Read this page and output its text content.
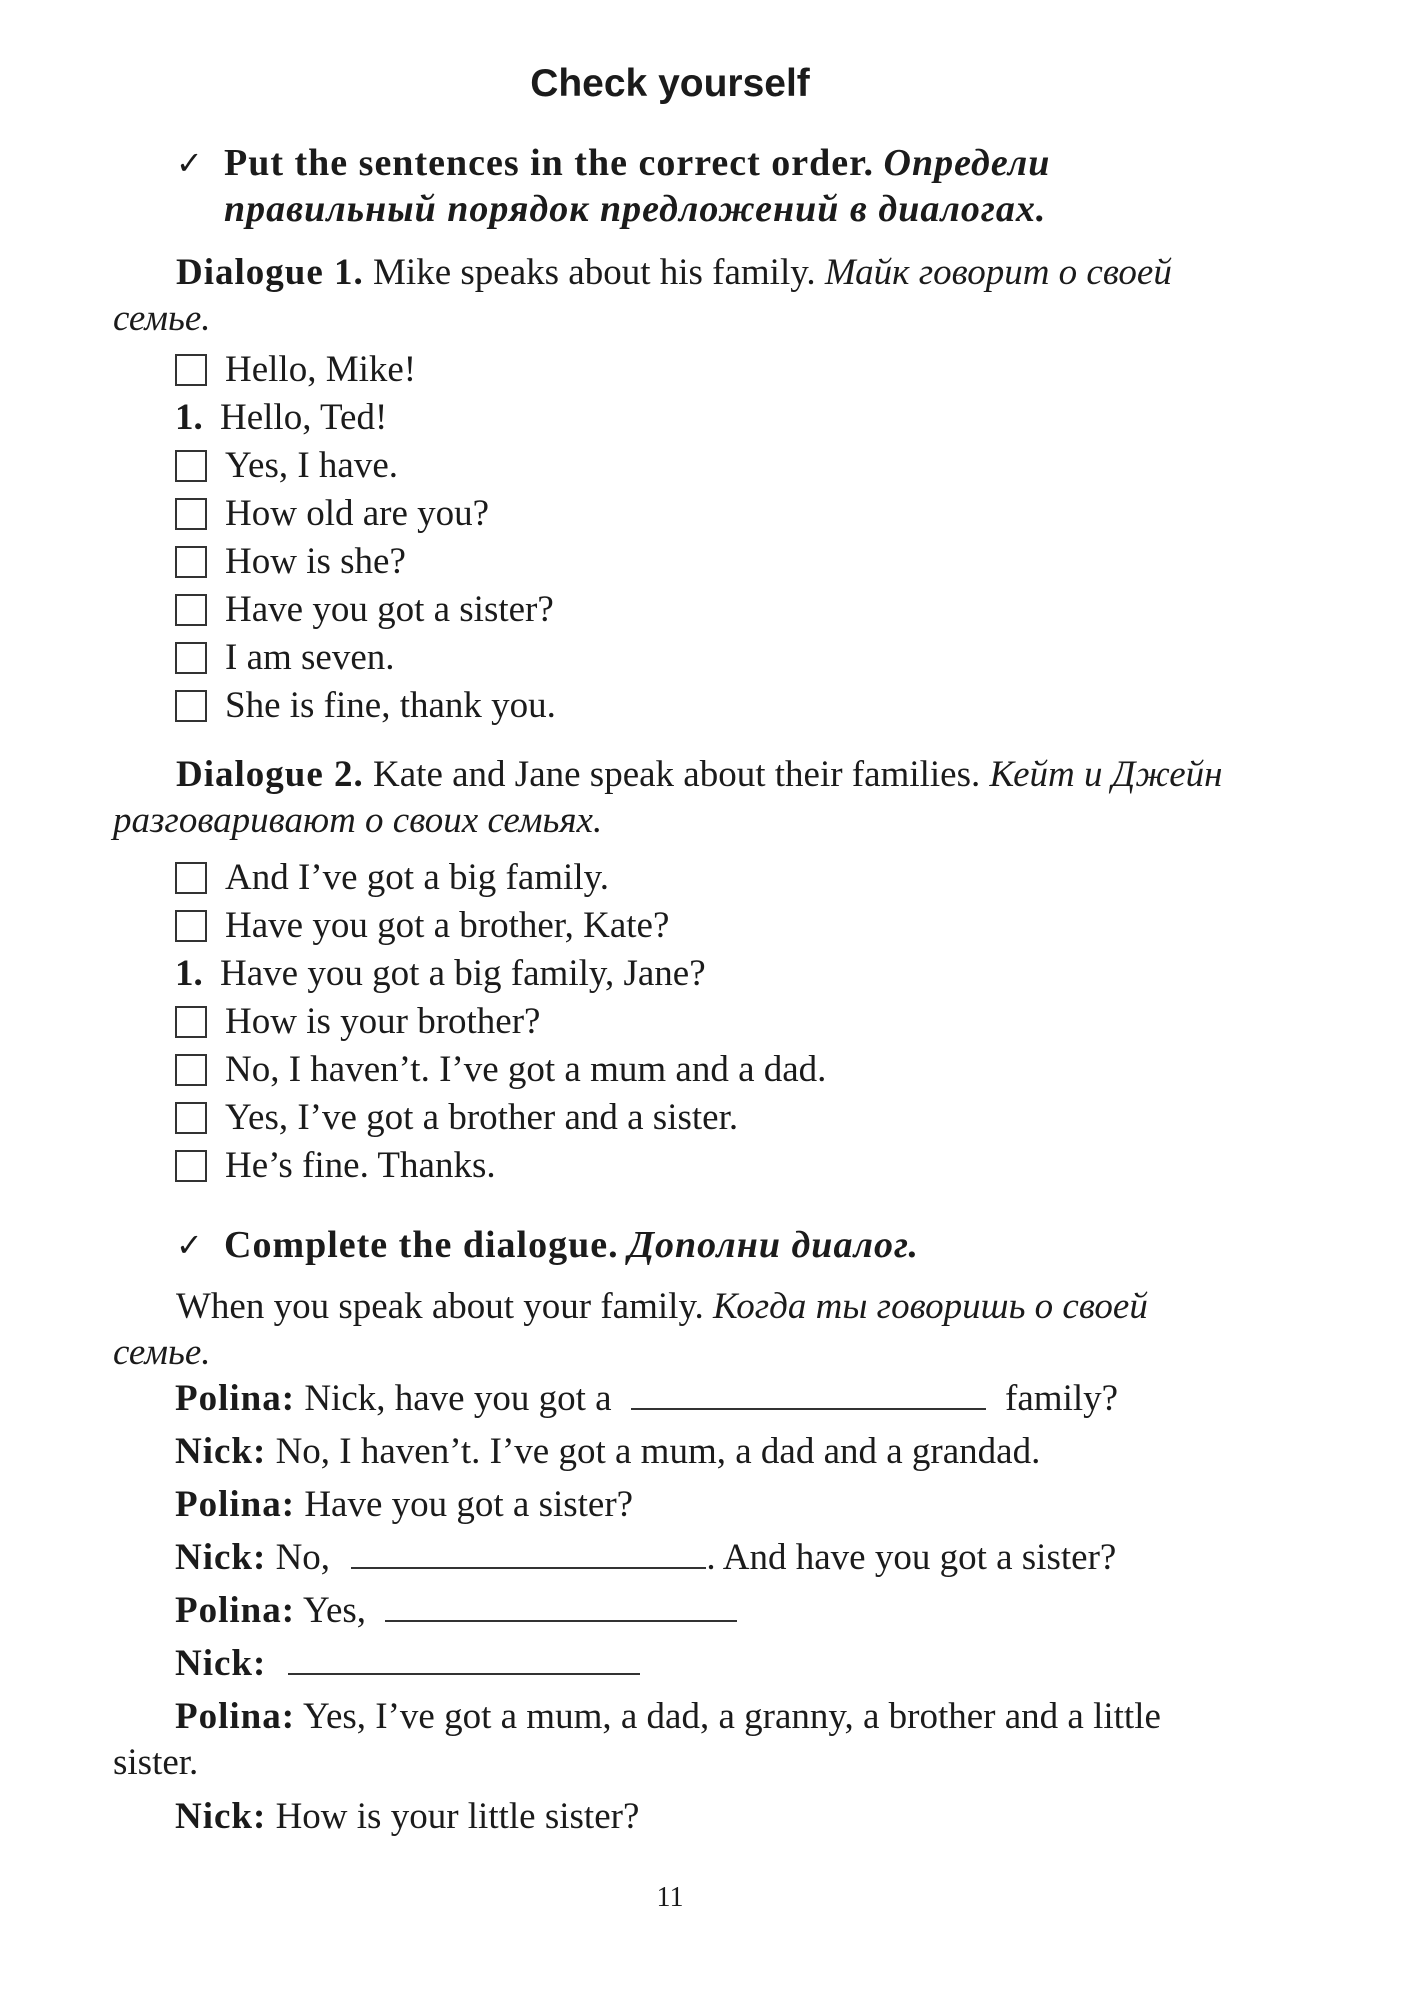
Check yourself
✓ Put the sentences in the correct order. Определи правильный порядок предложений в диалогах.
Dialogue 1. Mike speaks about his family. Майк говорит о своей семье.
Hello, Mike!
1. Hello, Ted!
Yes, I have.
How old are you?
How is she?
Have you got a sister?
I am seven.
She is fine, thank you.
Dialogue 2. Kate and Jane speak about their families. Кейт и Джейн разговаривают о своих семьях.
And I’ve got a big family.
Have you got a brother, Kate?
1. Have you got a big family, Jane?
How is your brother?
No, I haven’t. I’ve got a mum and a dad.
Yes, I’ve got a brother and a sister.
He’s fine. Thanks.
✓ Complete the dialogue. Дополни диалог.
When you speak about your family. Когда ты говоришь о своей семье.
Polina: Nick, have you got a	family?
Nick: No, I haven’t. I’ve got a mum, a dad and a grandad.
Polina: Have you got a sister?
Nick: No,	. And have you got a sister?
Polina: Yes,
Nick:
Polina: Yes, I’ve got a mum, a dad, a granny, a brother and a little sister.
Nick: How is your little sister?
11
